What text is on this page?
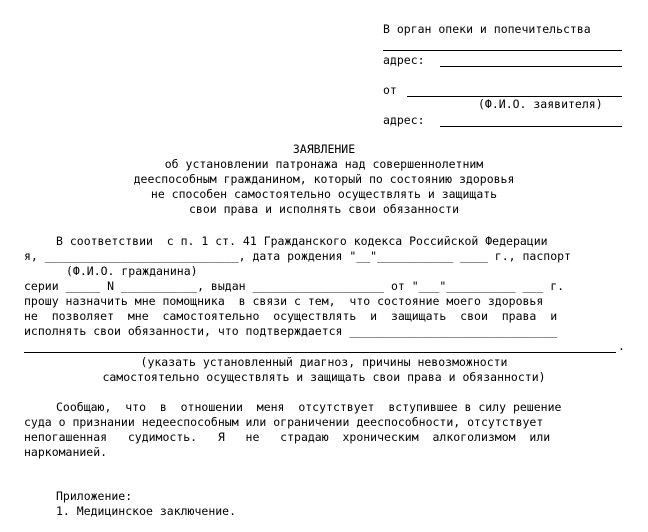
В орган опеки и попечительства
адрес:
от
(Ф.И.О. заявителя)
адрес:
ЗАЯВЛЕНИЕ
об установлении патронажа над совершеннолетним
дееспособным гражданином, который по состоянию здоровья
не способен самостоятельно осуществлять и защищать
свои права и исполнять свои обязанности
В соответствии  с п. 1 ст. 41 Гражданского кодекса Российской Федерации
я, ____________________________, дата рождения "__"___________ ____ г., паспорт
(Ф.И.О. гражданина)
серии _____ N ___________, выдан ___________________ от "___"__________ ___ г.
прошу назначить мне помощника  в связи с тем,  что состояние моего здоровья
не  позволяет  мне  самостоятельно  осуществлять  и  защищать  свои  права  и
исполнять свои обязанности, что подтверждается ______________________________
.
(указать установленный диагноз, причины невозможности
самостоятельно осуществлять и защищать свои права и обязанности)
Сообщаю,  что  в  отношении  меня  отсутствует  вступившее в силу решение
суда о признании недееспособным или ограничении дееспособности, отсутствует
непогашенная   судимость.   Я   не   страдаю  хроническим  алкоголизмом  или
наркоманией.
Приложение:
1. Медицинское заключение.
